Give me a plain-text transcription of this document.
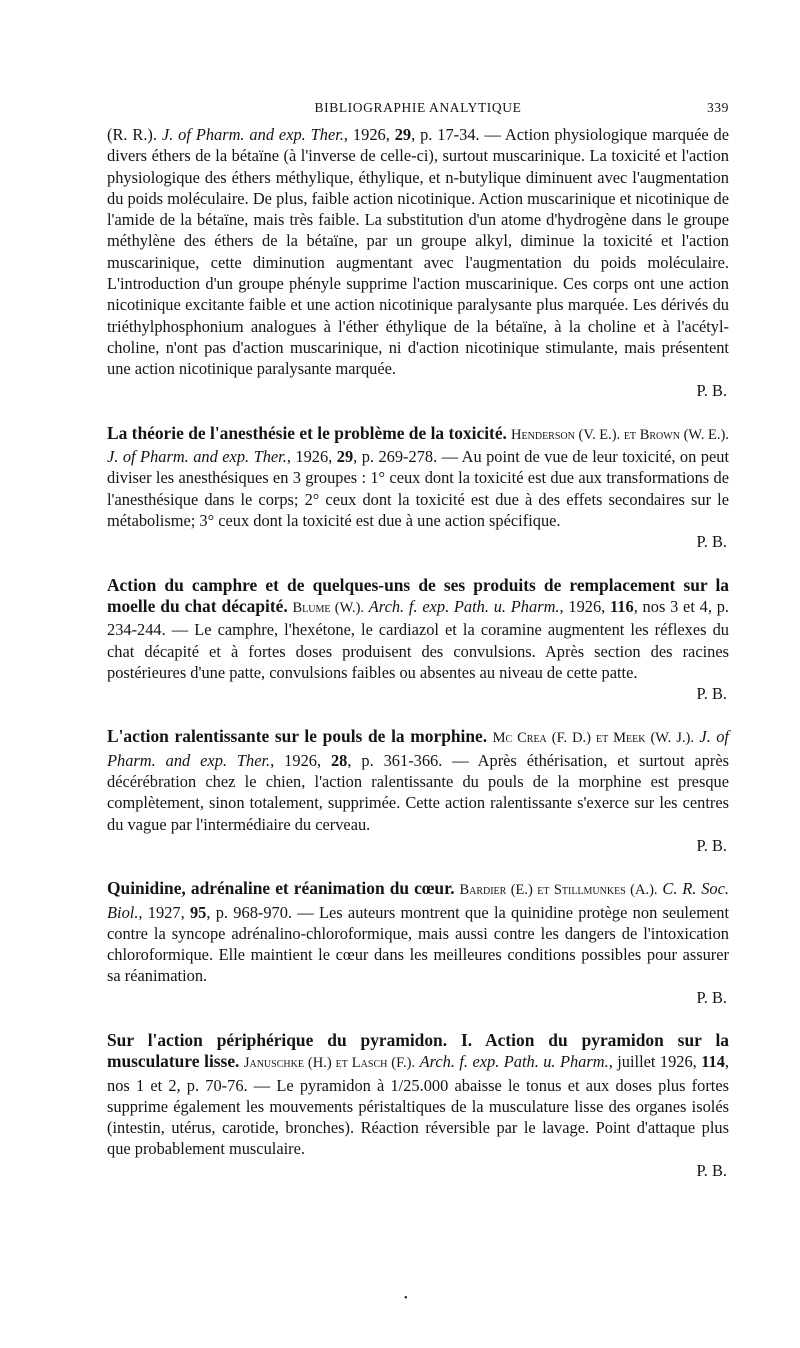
BIBLIOGRAPHIE ANALYTIQUE	339

(R. R.). J. of Pharm. and exp. Ther., 1926, 29, p. 17-34. — Action physiologique marquée de divers éthers de la bétaïne (à l'inverse de celle-ci), surtout muscarinique. La toxicité et l'action physiologique des éthers méthylique, éthylique, et n-butylique diminuent avec l'augmentation du poids moléculaire. De plus, faible action nicotinique. Action muscarinique et nicotinique de l'amide de la bétaïne, mais très faible. La substitution d'un atome d'hydrogène dans le groupe méthylène des éthers de la bétaïne, par un groupe alkyl, diminue la toxicité et l'action muscarinique, cette diminution augmentant avec l'augmentation du poids moléculaire. L'introduction d'un groupe phényle supprime l'action muscarinique. Ces corps ont une action nicotinique excitante faible et une action nicotinique paralysante plus marquée. Les dérivés du triéthylphosphonium analogues à l'éther éthylique de la bétaïne, à la choline et à l'acétyl-choline, n'ont pas d'action muscarinique, ni d'action nicotinique stimulante, mais présentent une action nicotinique paralysante marquée.

P. B.

La théorie de l'anesthésie et le problème de la toxicité. Henderson (V. E.). et Brown (W. E.). J. of Pharm. and exp. Ther., 1926, 29, p. 269-278. — Au point de vue de leur toxicité, on peut diviser les anesthésiques en 3 groupes : 1° ceux dont la toxicité est due aux transformations de l'anesthésique dans le corps; 2° ceux dont la toxicité est due à des effets secondaires sur le métabolisme; 3° ceux dont la toxicité est due à une action spécifique.

P. B.

Action du camphre et de quelques-uns de ses produits de remplacement sur la moelle du chat décapité. Blume (W.). Arch. f. exp. Path. u. Pharm., 1926, 116, nos 3 et 4, p. 234-244. — Le camphre, l'hexétone, le cardiazol et la coramine augmentent les réflexes du chat décapité et à fortes doses produisent des convulsions. Après section des racines postérieures d'une patte, convulsions faibles ou absentes au niveau de cette patte.

P. B.

L'action ralentissante sur le pouls de la morphine. Mc Crea (F. D.) et Meek (W. J.). J. of Pharm. and exp. Ther., 1926, 28, p. 361-366. — Après éthérisation, et surtout après décérébration chez le chien, l'action ralentissante du pouls de la morphine est presque complètement, sinon totalement, supprimée. Cette action ralentissante s'exerce sur les centres du vague par l'intermédiaire du cerveau.

P. B.

Quinidine, adrénaline et réanimation du cœur. Bardier (E.) et Stillmunkes (A.). C. R. Soc. Biol., 1927, 95, p. 968-970. — Les auteurs montrent que la quinidine protège non seulement contre la syncope adrénalino-chloroformique, mais aussi contre les dangers de l'intoxication chloroformique. Elle maintient le cœur dans les meilleures conditions possibles pour assurer sa réanimation.

P. B.

Sur l'action périphérique du pyramidon. I. Action du pyramidon sur la musculature lisse. Januschke (H.) et Lasch (F.). Arch. f. exp. Path. u. Pharm., juillet 1926, 114, nos 1 et 2, p. 70-76. — Le pyramidon à 1/25.000 abaisse le tonus et aux doses plus fortes supprime également les mouvements péristaltiques de la musculature lisse des organes isolés (intestin, utérus, carotide, bronches). Réaction réversible par le lavage. Point d'attaque plus que probablement musculaire.

P. B.
•
